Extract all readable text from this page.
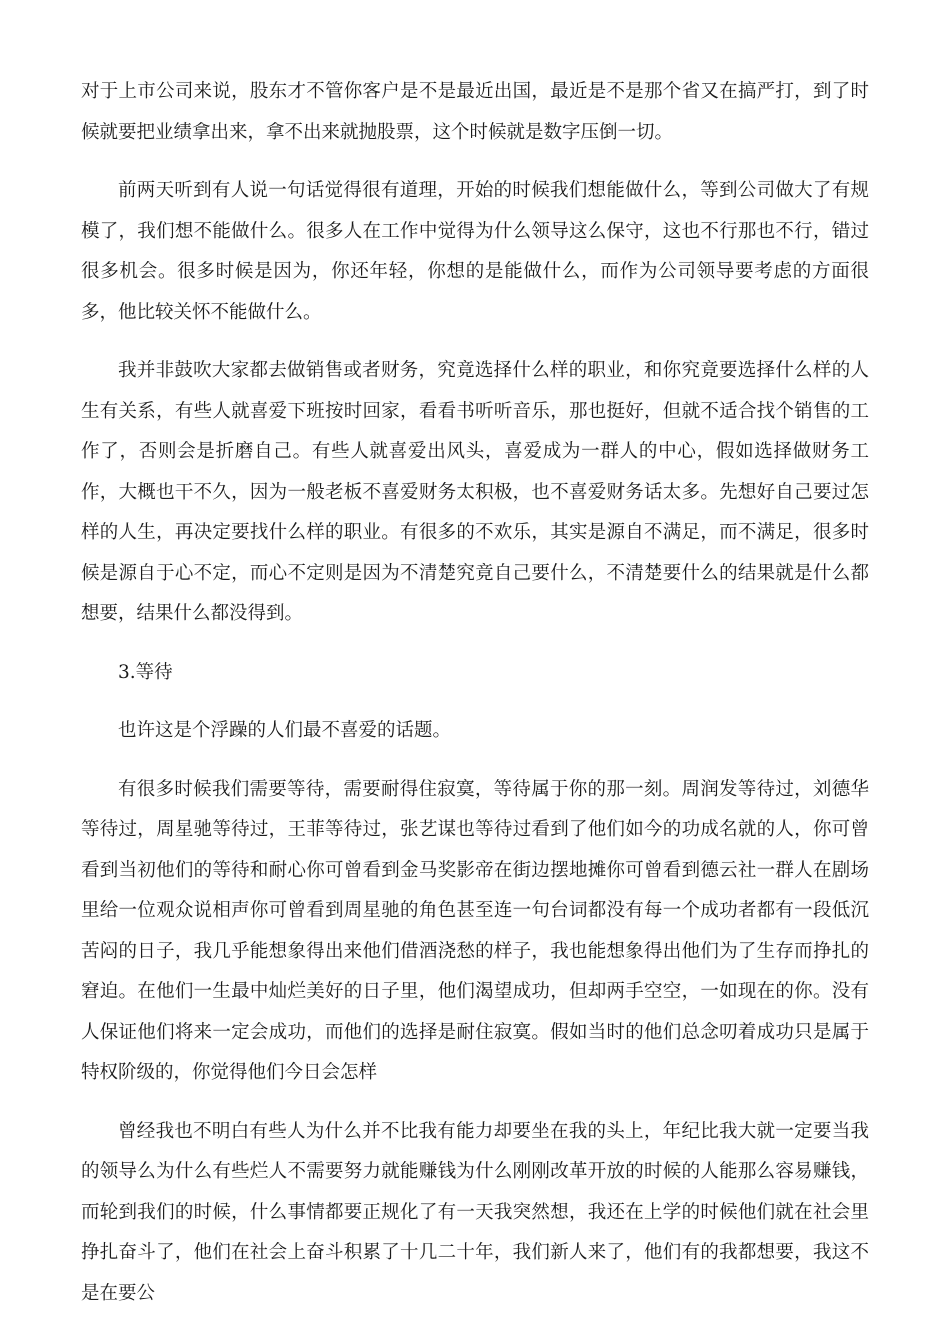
对于上市公司来说，股东才不管你客户是不是最近出国，最近是不是那个省又在搞严打，到了时候就要把业绩拿出来，拿不出来就抛股票，这个时候就是数字压倒一切。

前两天听到有人说一句话觉得很有道理，开始的时候我们想能做什么，等到公司做大了有规模了，我们想不能做什么。很多人在工作中觉得为什么领导这么保守，这也不行那也不行，错过很多机会。很多时候是因为，你还年轻，你想的是能做什么，而作为公司领导要考虑的方面很多，他比较关怀不能做什么。

我并非鼓吹大家都去做销售或者财务，究竟选择什么样的职业，和你究竟要选择什么样的人生有关系，有些人就喜爱下班按时回家，看看书听听音乐，那也挺好，但就不适合找个销售的工作了，否则会是折磨自己。有些人就喜爱出风头，喜爱成为一群人的中心，假如选择做财务工作，大概也干不久，因为一般老板不喜爱财务太积极，也不喜爱财务话太多。先想好自己要过怎样的人生，再决定要找什么样的职业。有很多的不欢乐，其实是源自不满足，而不满足，很多时候是源自于心不定，而心不定则是因为不清楚究竟自己要什么，不清楚要什么的结果就是什么都想要，结果什么都没得到。

3.等待

也许这是个浮躁的人们最不喜爱的话题。

有很多时候我们需要等待，需要耐得住寂寞，等待属于你的那一刻。周润发等待过，刘德华等待过，周星驰等待过，王菲等待过，张艺谋也等待过看到了他们如今的功成名就的人，你可曾看到当初他们的等待和耐心你可曾看到金马奖影帝在街边摆地摊你可曾看到德云社一群人在剧场里给一位观众说相声你可曾看到周星驰的角色甚至连一句台词都没有每一个成功者都有一段低沉苦闷的日子，我几乎能想象得出来他们借酒浇愁的样子，我也能想象得出他们为了生存而挣扎的窘迫。在他们一生最中灿烂美好的日子里，他们渴望成功，但却两手空空，一如现在的你。没有人保证他们将来一定会成功，而他们的选择是耐住寂寞。假如当时的他们总念叨着成功只是属于特权阶级的，你觉得他们今日会怎样

曾经我也不明白有些人为什么并不比我有能力却要坐在我的头上，年纪比我大就一定要当我的领导么为什么有些烂人不需要努力就能赚钱为什么刚刚改革开放的时候的人能那么容易赚钱，而轮到我们的时候，什么事情都要正规化了有一天我突然想，我还在上学的时候他们就在社会里挣扎奋斗了，他们在社会上奋斗积累了十几二十年，我们新人来了，他们有的我都想要，我这不是在要公
